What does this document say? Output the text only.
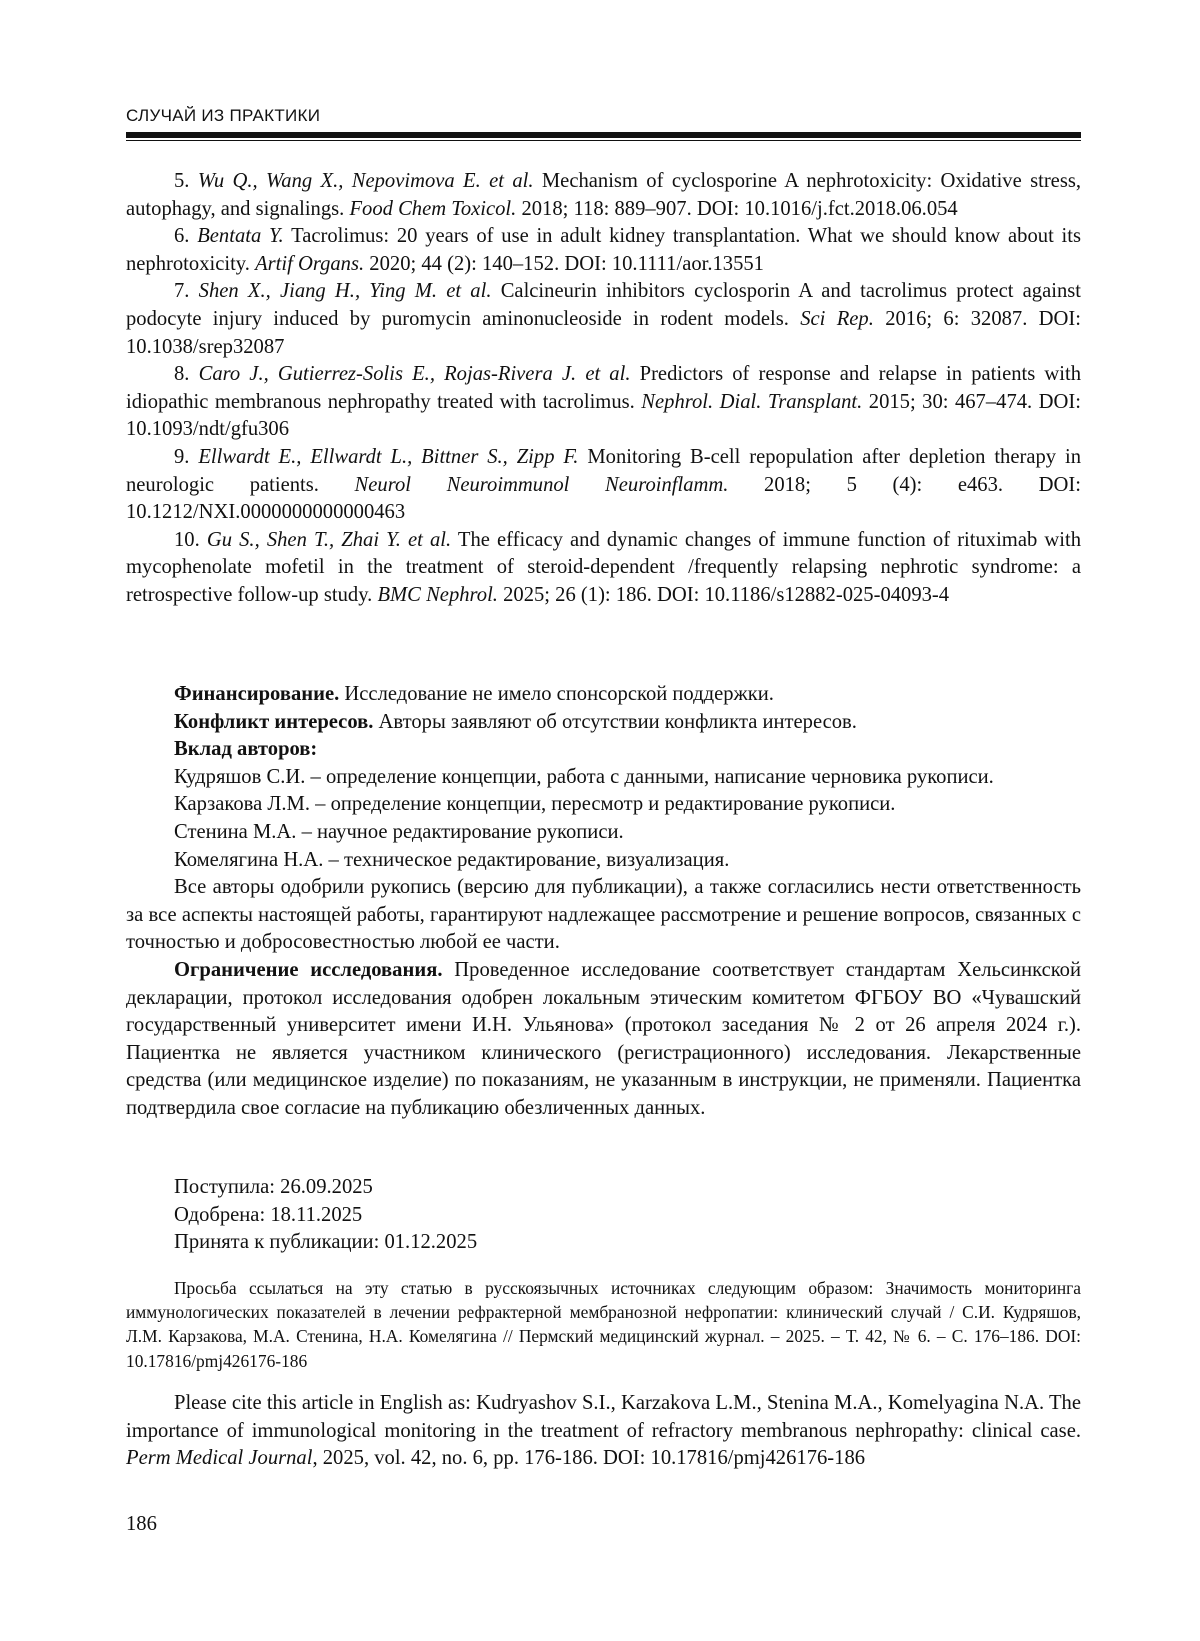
СЛУЧАЙ ИЗ ПРАКТИКИ

5. Wu Q., Wang X., Nepovimova E. et al. Mechanism of cyclosporine A nephrotoxicity: Oxidative stress, autophagy, and signalings. Food Chem Toxicol. 2018; 118: 889–907. DOI: 10.1016/j.fct.2018.06.054

6. Bentata Y. Tacrolimus: 20 years of use in adult kidney transplantation. What we should know about its nephrotoxicity. Artif Organs. 2020; 44 (2): 140–152. DOI: 10.1111/aor.13551

7. Shen X., Jiang H., Ying M. et al. Calcineurin inhibitors cyclosporin A and tacrolimus protect against podocyte injury induced by puromycin aminonucleoside in rodent models. Sci Rep. 2016; 6: 32087. DOI: 10.1038/srep32087

8. Caro J., Gutierrez-Solis E., Rojas-Rivera J. et al. Predictors of response and relapse in patients with idiopathic membranous nephropathy treated with tacrolimus. Nephrol. Dial. Transplant. 2015; 30: 467–474. DOI: 10.1093/ndt/gfu306

9. Ellwardt E., Ellwardt L., Bittner S., Zipp F. Monitoring B-cell repopulation after depletion therapy in neurologic patients. Neurol Neuroimmunol Neuroinflamm. 2018; 5 (4): e463. DOI: 10.1212/NXI.0000000000000463

10. Gu S., Shen T., Zhai Y. et al. The efficacy and dynamic changes of immune function of rituximab with mycophenolate mofetil in the treatment of steroid-dependent /frequently relapsing nephrotic syndrome: a retrospective follow-up study. BMC Nephrol. 2025; 26 (1): 186. DOI: 10.1186/s12882-025-04093-4

Финансирование. Исследование не имело спонсорской поддержки.

Конфликт интересов. Авторы заявляют об отсутствии конфликта интересов.

Вклад авторов:

Кудряшов С.И. – определение концепции, работа с данными, написание черновика рукописи.

Карзакова Л.М. – определение концепции, пересмотр и редактирование рукописи.

Стенина М.А. – научное редактирование рукописи.

Комелягина Н.А. – техническое редактирование, визуализация.

Все авторы одобрили рукопись (версию для публикации), а также согласились нести ответственность за все аспекты настоящей работы, гарантируют надлежащее рассмотрение и решение вопросов, связанных с точностью и добросовестностью любой ее части.

Ограничение исследования. Проведенное исследование соответствует стандартам Хельсинкской декларации, протокол исследования одобрен локальным этическим комитетом ФГБОУ ВО «Чувашский государственный университет имени И.Н. Ульянова» (протокол заседания № 2 от 26 апреля 2024 г.). Пациентка не является участником клинического (регистрационного) исследования. Лекарственные средства (или медицинское изделие) по показаниям, не указанным в инструкции, не применяли. Пациентка подтвердила свое согласие на публикацию обезличенных данных.

Поступила: 26.09.2025
Одобрена: 18.11.2025
Принята к публикации: 01.12.2025

Просьба ссылаться на эту статью в русскоязычных источниках следующим образом: Значимость мониторинга иммунологических показателей в лечении рефрактерной мембранозной нефропатии: клинический случай / С.И. Кудряшов, Л.М. Карзакова, М.А. Стенина, Н.А. Комелягина // Пермский медицинский журнал. – 2025. – Т. 42, № 6. – С. 176–186. DOI: 10.17816/pmj426176-186

Please cite this article in English as: Kudryashov S.I., Karzakova L.M., Stenina M.A., Komelyagina N.A. The importance of immunological monitoring in the treatment of refractory membranous nephropathy: clinical case. Perm Medical Journal, 2025, vol. 42, no. 6, pp. 176-186. DOI: 10.17816/pmj426176-186

186
